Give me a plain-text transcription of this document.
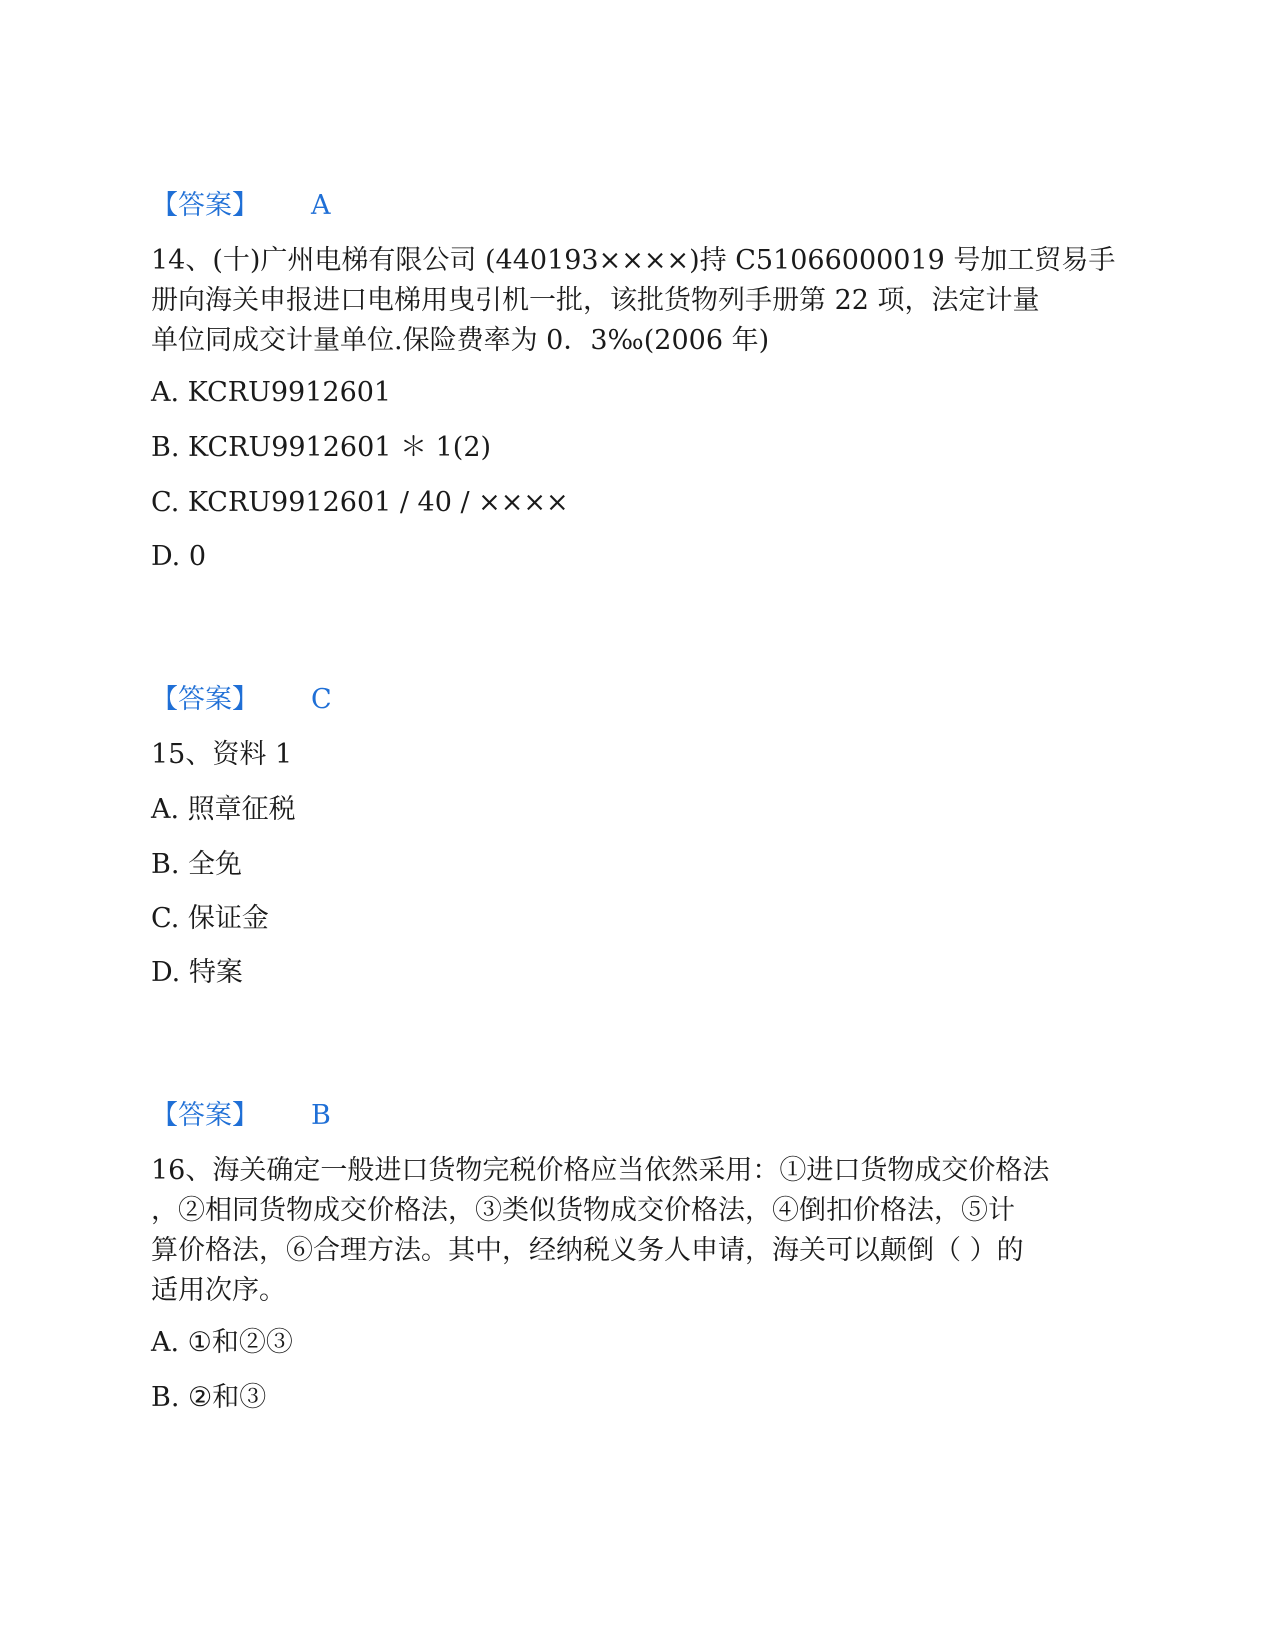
【答案】 A
14、(十)广州电梯有限公司 (440193××××)持 C51066000019 号加工贸易手
册向海关申报进口电梯用曳引机一批，该批货物列手册第 22 项，法定计量
单位同成交计量单位.保险费率为 0．3‰(2006 年)
A. KCRU9912601
B. KCRU9912601 ＊ 1(2)
C. KCRU9912601 / 40 / ××××
D. 0
【答案】 C
15、资料 1
A. 照章征税
B. 全免
C. 保证金
D. 特案
【答案】 B
16、海关确定一般进口货物完税价格应当依然采用：①进口货物成交价格法
，②相同货物成交价格法，③类似货物成交价格法，④倒扣价格法，⑤计
算价格法，⑥合理方法。其中，经纳税义务人申请，海关可以颠倒（ ）的
适用次序。
A. ①和②③
B. ②和③
